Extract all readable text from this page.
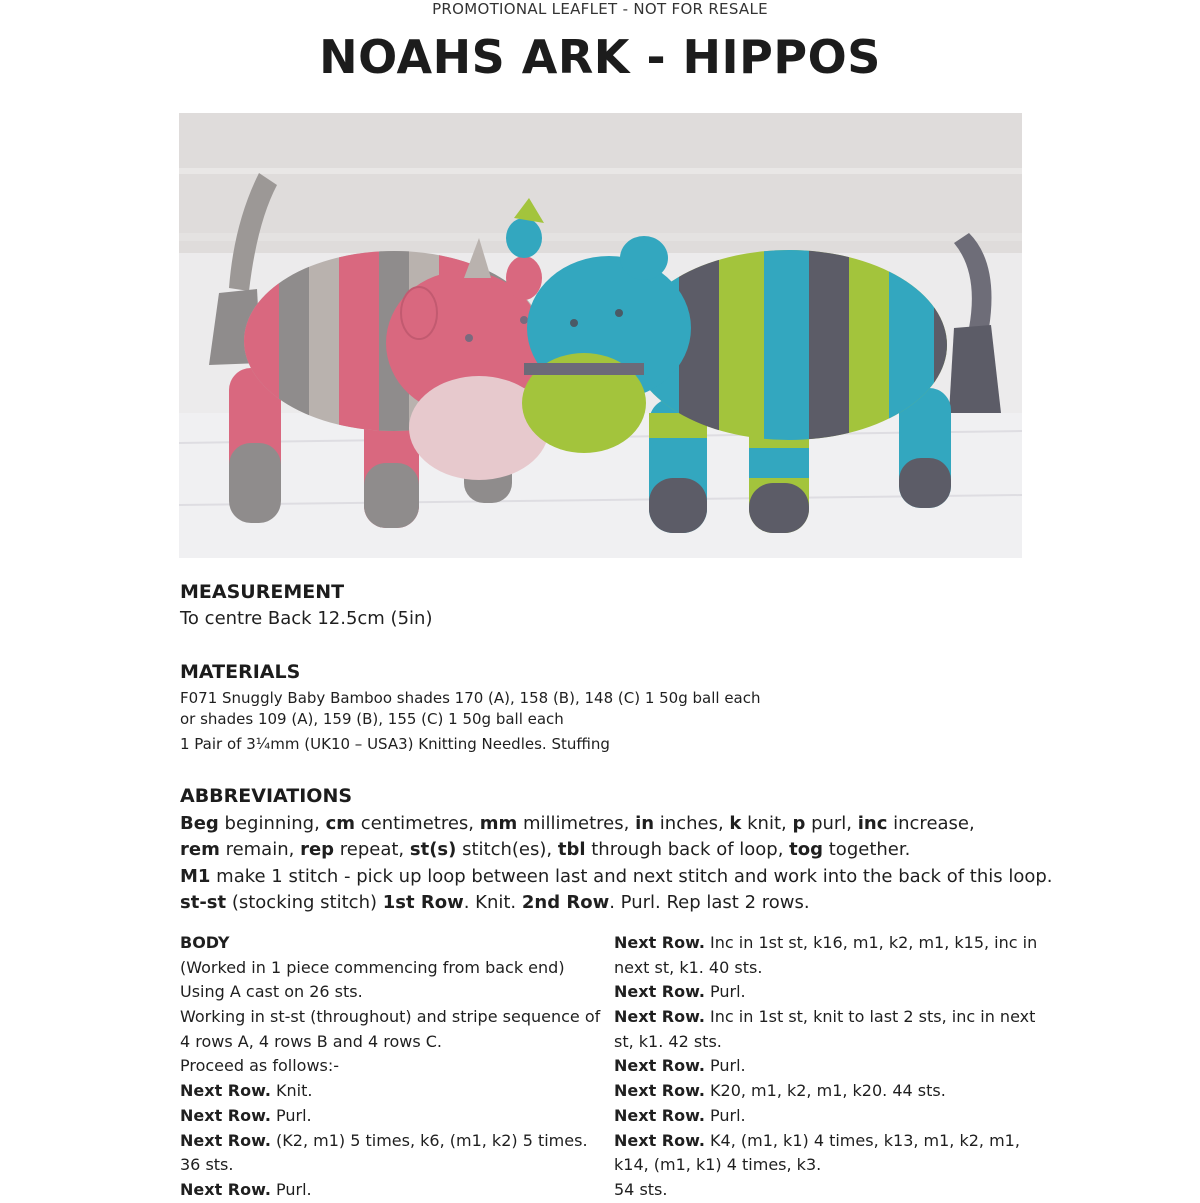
PROMOTIONAL LEAFLET - NOT FOR RESALE
NOAHS ARK - HIPPOS
MEASUREMENT
To centre Back 12.5cm (5in)
MATERIALS
F071 Snuggly Baby Bamboo shades 170 (A), 158 (B), 148 (C) 1 50g ball each
or shades 109 (A), 159 (B), 155 (C) 1 50g ball each
1 Pair of 3¼mm (UK10 – USA3) Knitting Needles. Stuffing
ABBREVIATIONS
Beg beginning, cm centimetres, mm millimetres, in inches, k knit, p purl, inc increase,
rem remain, rep repeat, st(s) stitch(es), tbl through back of loop, tog together.
M1 make 1 stitch - pick up loop between last and next stitch and work into the back of this loop.
st-st (stocking stitch) 1st Row. Knit. 2nd Row. Purl. Rep last 2 rows.
BODY
(Worked in 1 piece commencing from back end)
Using A cast on 26 sts.
Working in st-st (throughout) and stripe sequence of
4 rows A, 4 rows B and 4 rows C.
Proceed as follows:-
Next Row. Knit.
Next Row. Purl.
Next Row. (K2, m1) 5 times, k6, (m1, k2) 5 times.
36 sts.
Next Row. Purl.
Next Row. Inc in 1st st, k16, m1, k2, m1, k15, inc in
next st, k1. 40 sts.
Next Row. Purl.
Next Row. Inc in 1st st, knit to last 2 sts, inc in next
st, k1. 42 sts.
Next Row. Purl.
Next Row. K20, m1, k2, m1, k20. 44 sts.
Next Row. Purl.
Next Row. K4, (m1, k1) 4 times, k13, m1, k2, m1,
k14, (m1, k1) 4 times, k3.
54 sts.
